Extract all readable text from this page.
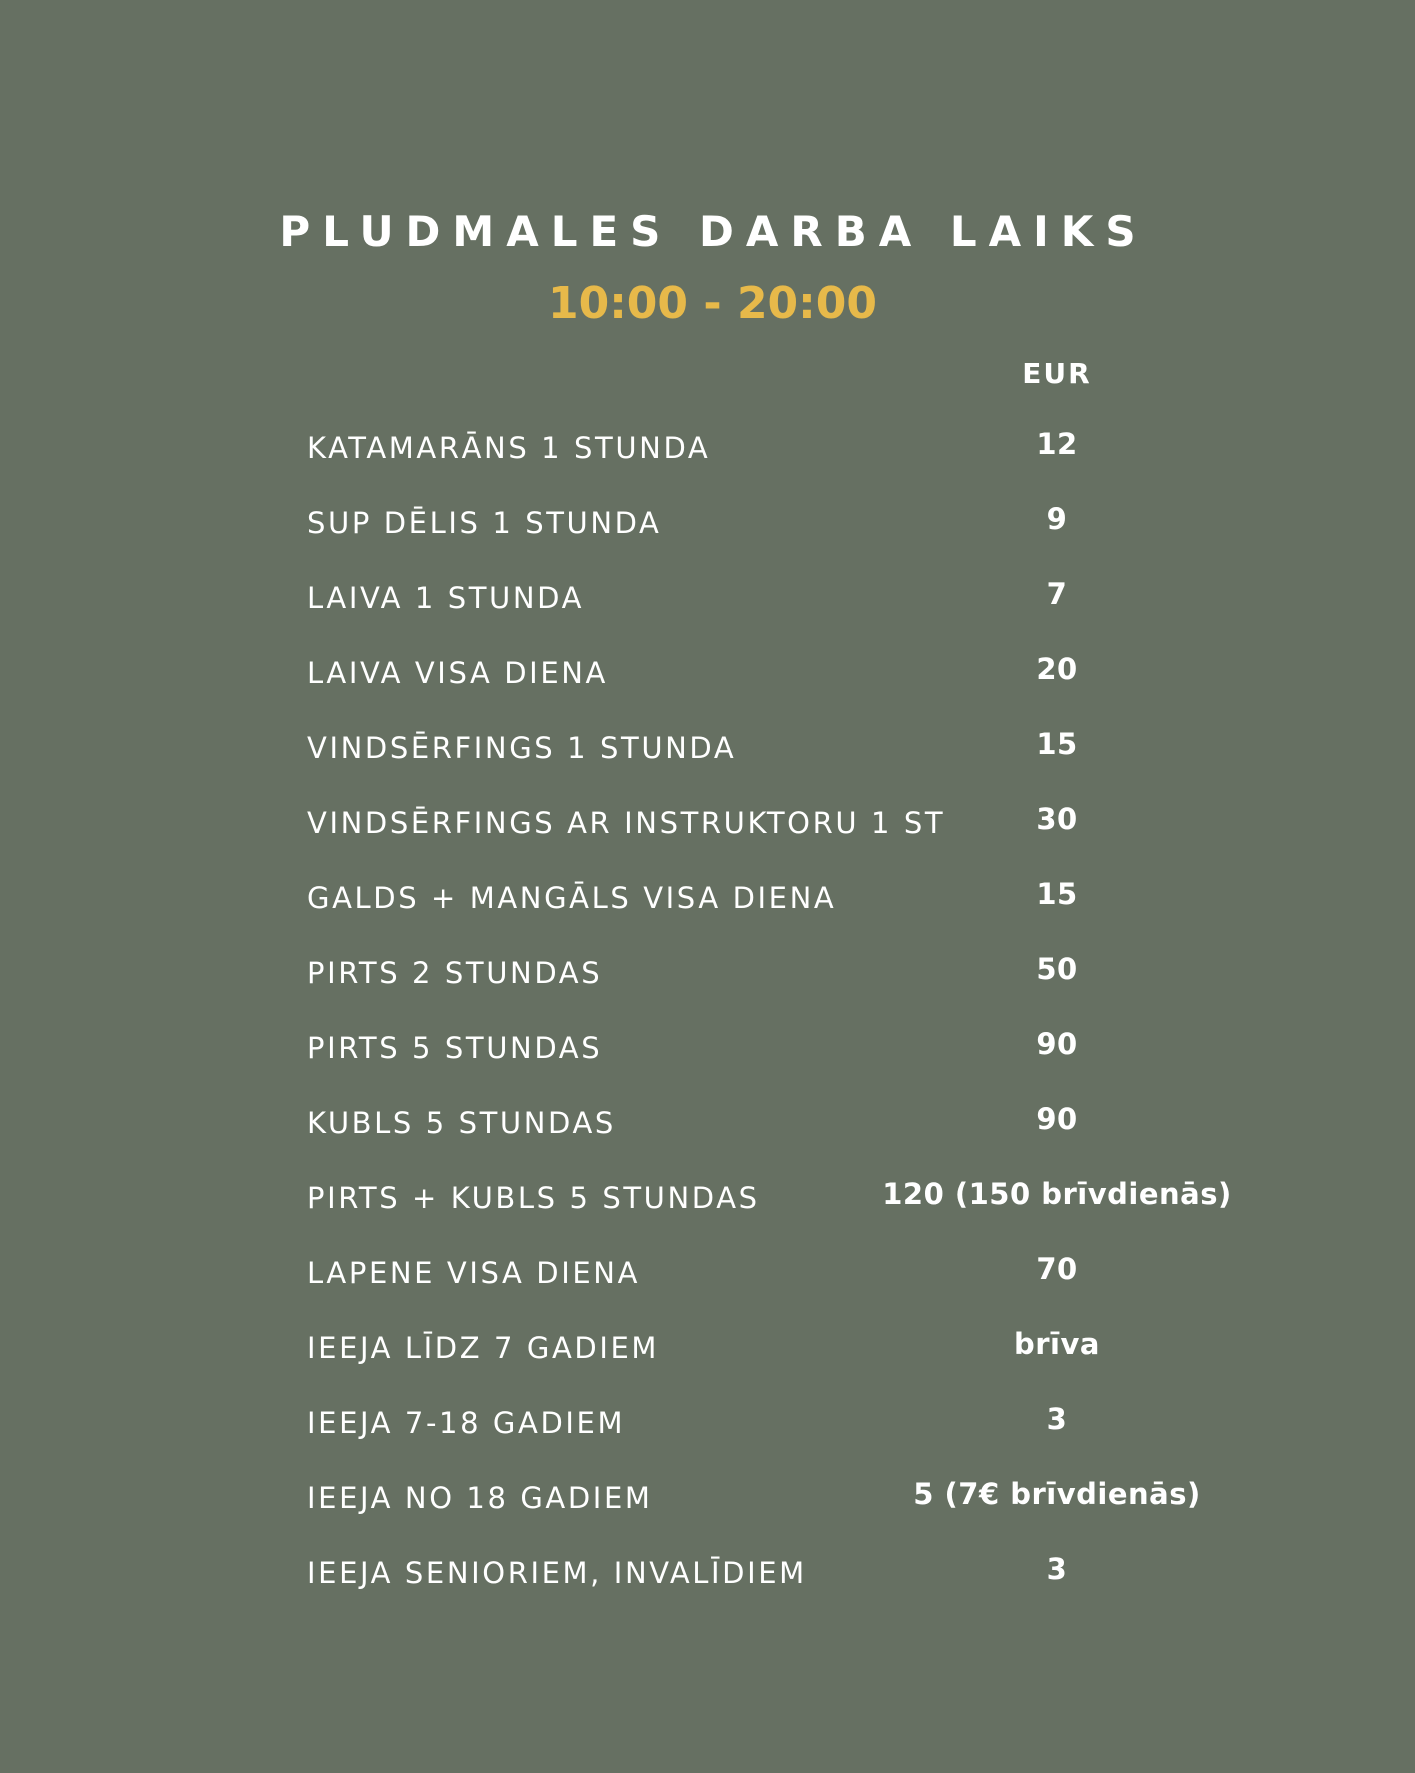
PLUDMALES DARBA LAIKS
10:00 - 20:00
EUR
KATAMARĀNS 1 STUNDA	12
SUP DĒLIS 1 STUNDA	9
LAIVA 1 STUNDA	7
LAIVA VISA DIENA	20
VINDSĒRFINGS 1 STUNDA	15
VINDSĒRFINGS AR INSTRUKTORU 1 ST	30
GALDS + MANGĀLS VISA DIENA	15
PIRTS 2 STUNDAS	50
PIRTS 5 STUNDAS	90
KUBLS 5 STUNDAS	90
PIRTS + KUBLS 5 STUNDAS	120 (150 brīvdienās)
LAPENE VISA DIENA	70
IEEJA LĪDZ 7 GADIEM	brīva
IEEJA 7-18 GADIEM	3
IEEJA NO 18 GADIEM	5 (7€ brīvdienās)
IEEJA SENIORIEM, INVALĪDIEM	3
